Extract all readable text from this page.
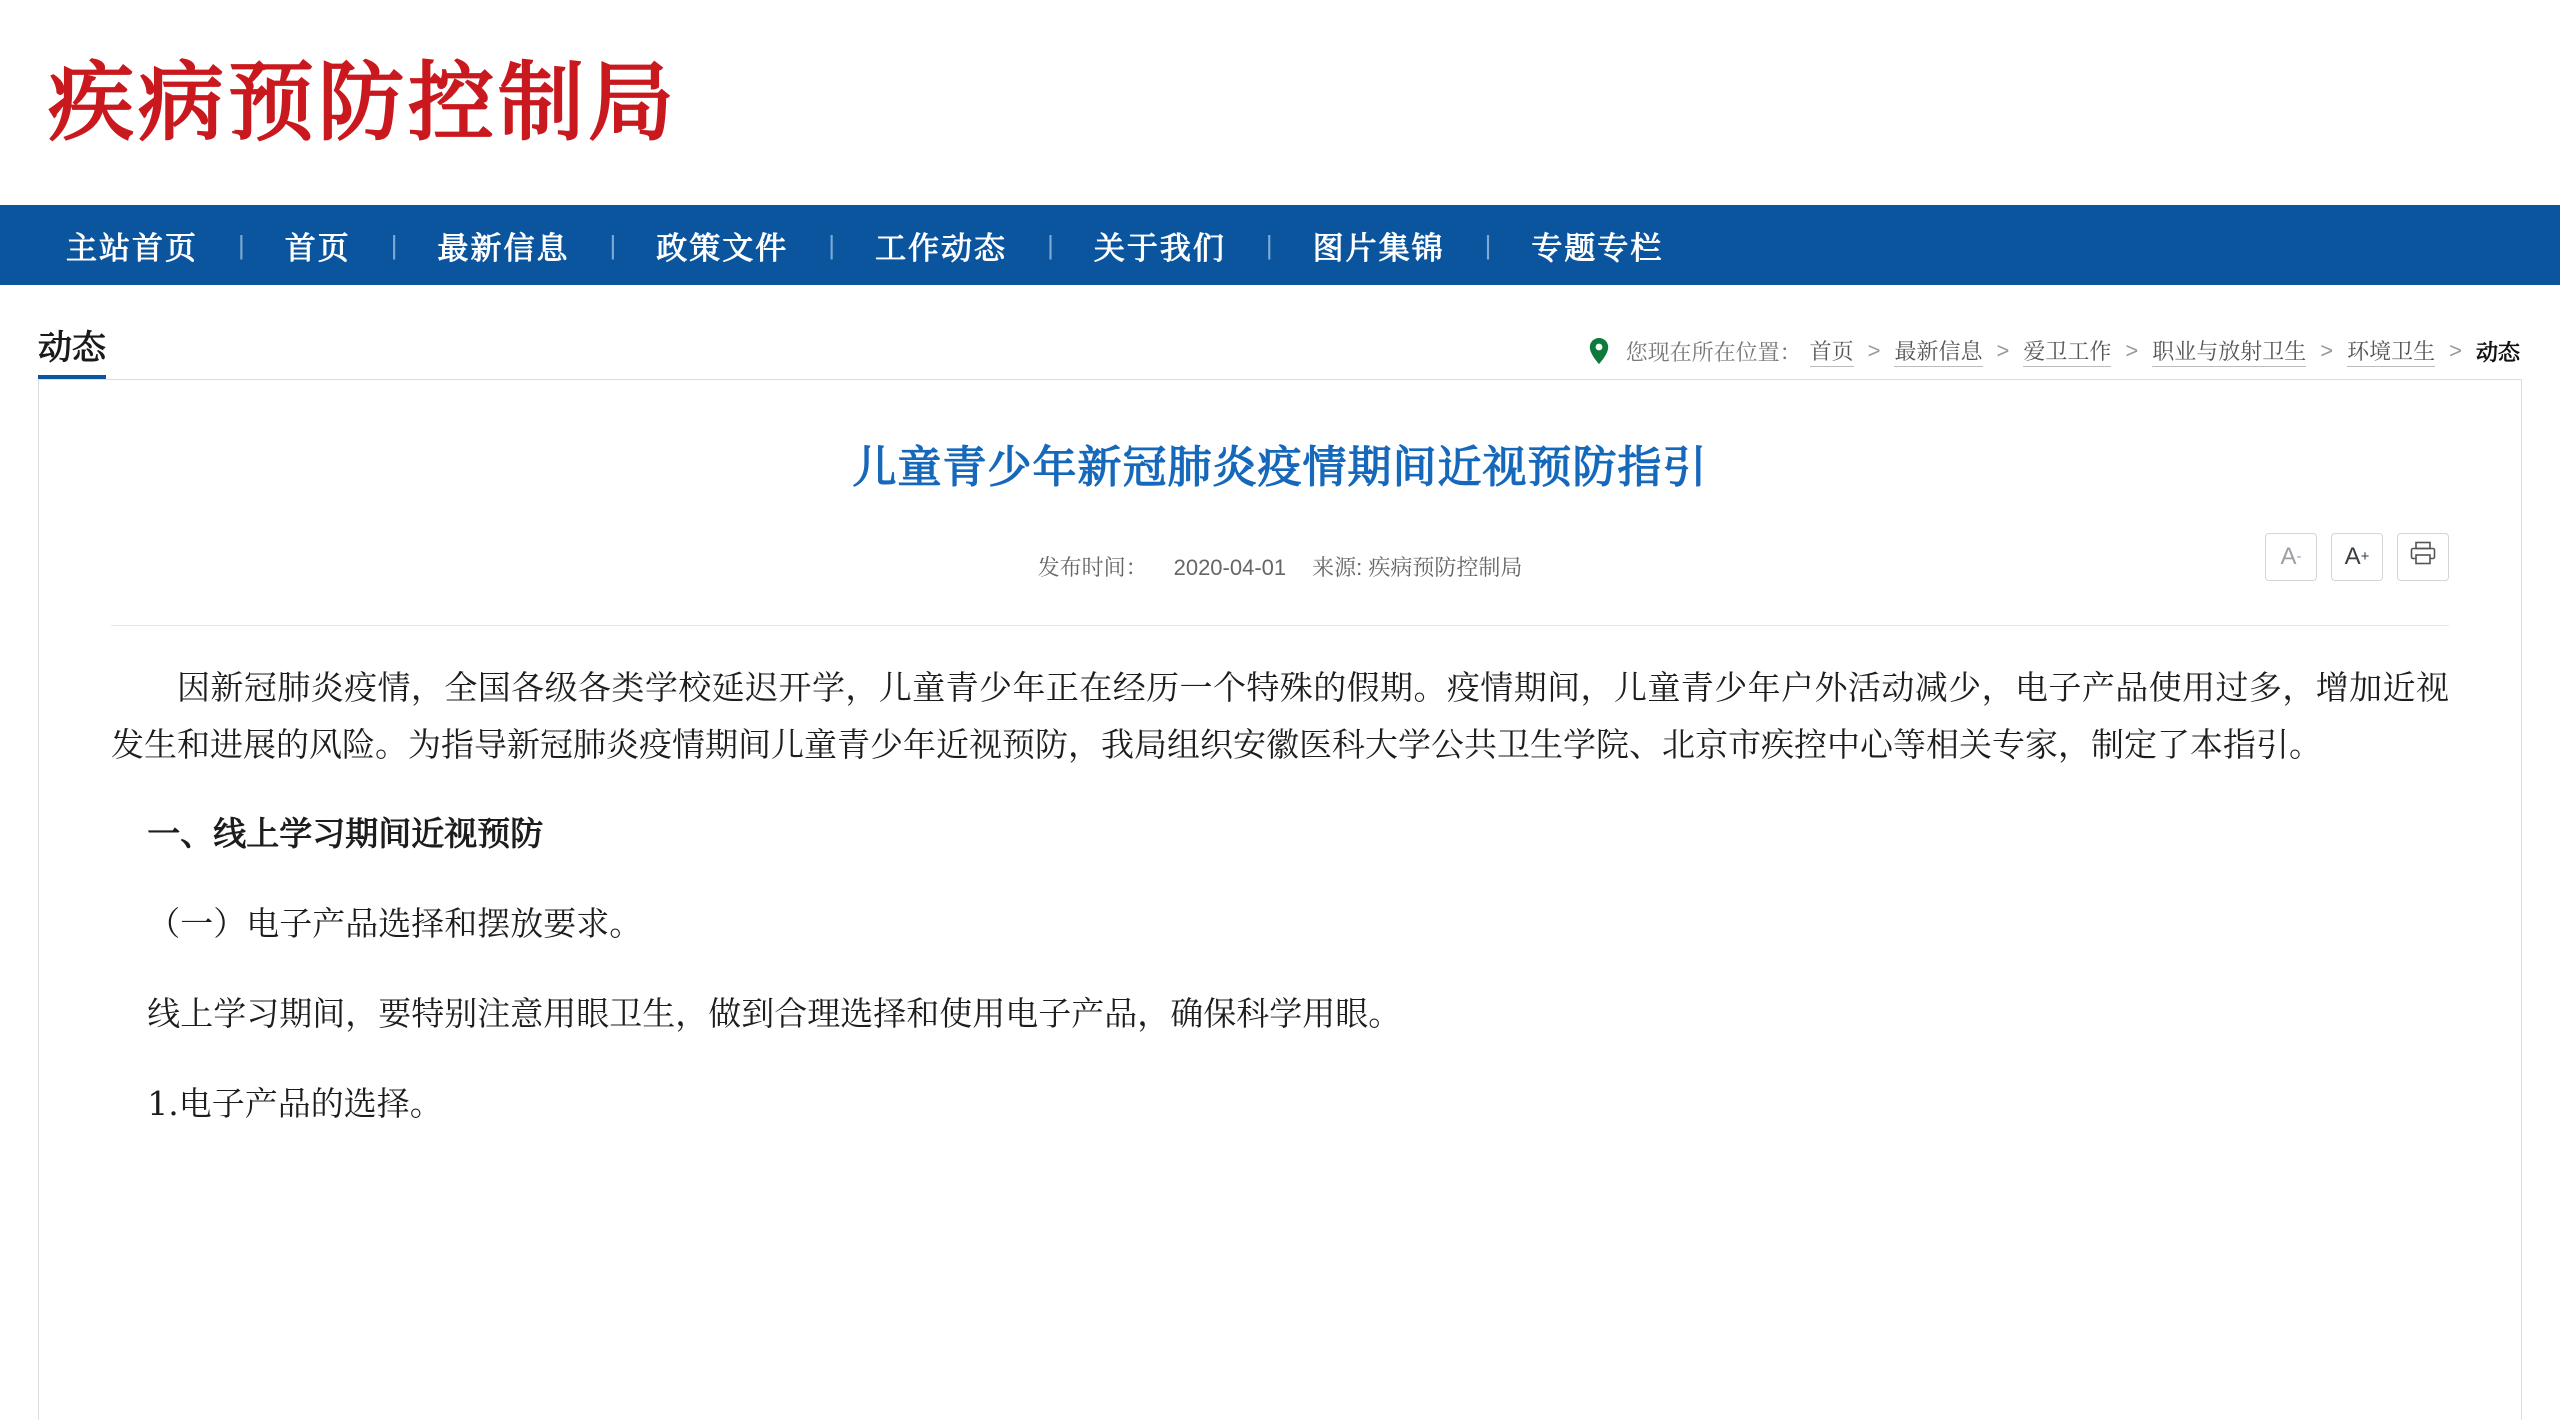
疾病预防控制局
主站首页	|	首页	|	最新信息	|	政策文件	|	工作动态	|	关于我们	|	图片集锦	|	专题专栏
动态	您现在所在位置： 首页 > 最新信息 > 爱卫工作 > 职业与放射卫生 > 环境卫生 > 动态
儿童青少年新冠肺炎疫情期间近视预防指引
发布时间： 2020-04-01 来源: 疾病预防控制局	A - A +

因新冠肺炎疫情，全国各级各类学校延迟开学，儿童青少年正在经历一个特殊的假期。疫情期间，儿童青少年户外活动减少，电子产品使用过多，增加近视发生和进展的风险。为指导新冠肺炎疫情期间儿童青少年近视预防，我局组织安徽医科大学公共卫生学院、北京市疾控中心等相关专家，制定了本指引。

一、线上学习期间近视预防

（一）电子产品选择和摆放要求。

线上学习期间，要特别注意用眼卫生，做到合理选择和使用电子产品，确保科学用眼。

1.电子产品的选择。
